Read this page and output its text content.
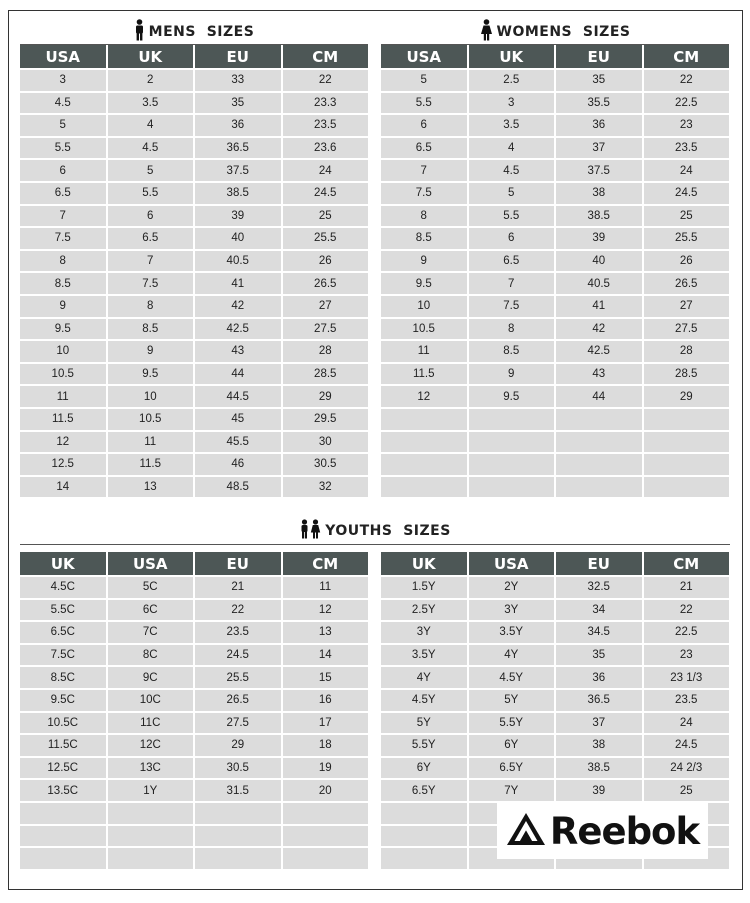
MENS  SIZES	WOMENS  SIZES
USA	UK	EU	CM
3	2	33	22
4.5	3.5	35	23.3
5	4	36	23.5
5.5	4.5	36.5	23.6
6	5	37.5	24
6.5	5.5	38.5	24.5
7	6	39	25
7.5	6.5	40	25.5
8	7	40.5	26
8.5	7.5	41	26.5
9	8	42	27
9.5	8.5	42.5	27.5
10	9	43	28
10.5	9.5	44	28.5
11	10	44.5	29
11.5	10.5	45	29.5
12	11	45.5	30
12.5	11.5	46	30.5
14	13	48.5	32
USA	UK	EU	CM
5	2.5	35	22
5.5	3	35.5	22.5
6	3.5	36	23
6.5	4	37	23.5
7	4.5	37.5	24
7.5	5	38	24.5
8	5.5	38.5	25
8.5	6	39	25.5
9	6.5	40	26
9.5	7	40.5	26.5
10	7.5	41	27
10.5	8	42	27.5
11	8.5	42.5	28
11.5	9	43	28.5
12	9.5	44	29

YOUTHS  SIZES
UK	USA	EU	CM
4.5C	5C	21	11
5.5C	6C	22	12
6.5C	7C	23.5	13
7.5C	8C	24.5	14
8.5C	9C	25.5	15
9.5C	10C	26.5	16
10.5C	11C	27.5	17
11.5C	12C	29	18
12.5C	13C	30.5	19
13.5C	1Y	31.5	20

UK	USA	EU	CM
1.5Y	2Y	32.5	21
2.5Y	3Y	34	22
3Y	3.5Y	34.5	22.5
3.5Y	4Y	35	23
4Y	4.5Y	36	23 1/3
4.5Y	5Y	36.5	23.5
5Y	5.5Y	37	24
5.5Y	6Y	38	24.5
6Y	6.5Y	38.5	24 2/3
6.5Y	7Y	39	25

Reebok
